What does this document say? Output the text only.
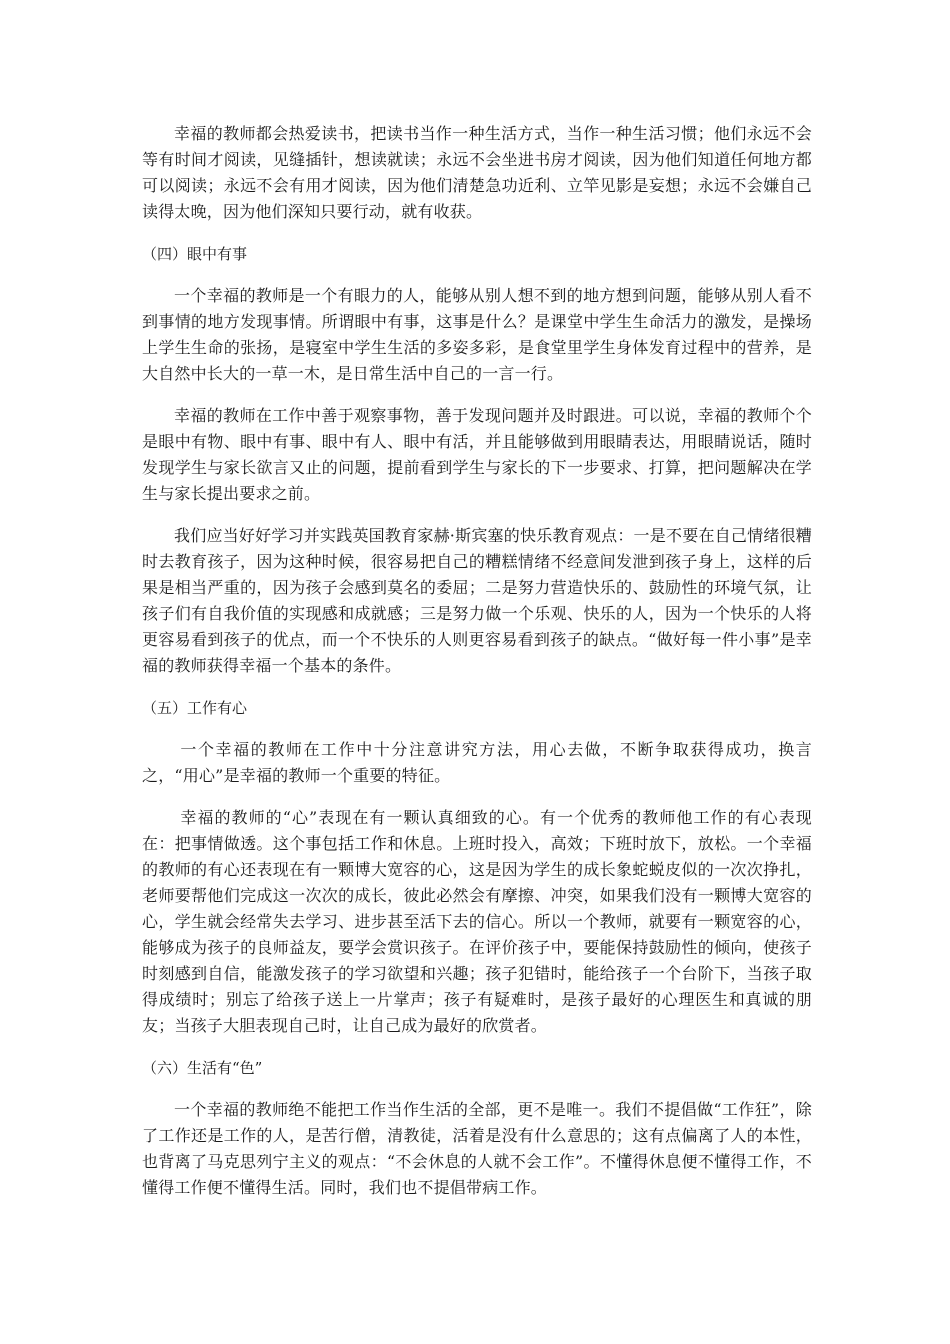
幸福的教师都会热爱读书，把读书当作一种生活方式，当作一种生活习惯；他们永远不会等有时间才阅读，见缝插针，想读就读；永远不会坐进书房才阅读，因为他们知道任何地方都可以阅读；永远不会有用才阅读，因为他们清楚急功近利、立竿见影是妄想；永远不会嫌自己读得太晚，因为他们深知只要行动，就有收获。

（四）眼中有事

一个幸福的教师是一个有眼力的人，能够从别人想不到的地方想到问题，能够从别人看不到事情的地方发现事情。所谓眼中有事，这事是什么？是课堂中学生生命活力的激发，是操场上学生生命的张扬，是寝室中学生生活的多姿多彩，是食堂里学生身体发育过程中的营养，是大自然中长大的一草一木，是日常生活中自己的一言一行。

幸福的教师在工作中善于观察事物，善于发现问题并及时跟进。可以说，幸福的教师个个是眼中有物、眼中有事、眼中有人、眼中有活，并且能够做到用眼睛表达，用眼睛说话，随时发现学生与家长欲言又止的问题，提前看到学生与家长的下一步要求、打算，把问题解决在学生与家长提出要求之前。

我们应当好好学习并实践英国教育家赫·斯宾塞的快乐教育观点：一是不要在自己情绪很糟时去教育孩子，因为这种时候，很容易把自己的糟糕情绪不经意间发泄到孩子身上，这样的后果是相当严重的，因为孩子会感到莫名的委屈；二是努力营造快乐的、鼓励性的环境气氛，让孩子们有自我价值的实现感和成就感；三是努力做一个乐观、快乐的人，因为一个快乐的人将更容易看到孩子的优点，而一个不快乐的人则更容易看到孩子的缺点。“做好每一件小事”是幸福的教师获得幸福一个基本的条件。

（五）工作有心

一个幸福的教师在工作中十分注意讲究方法，用心去做，不断争取获得成功，换言之，“用心”是幸福的教师一个重要的特征。

幸福的教师的“心”表现在有一颗认真细致的心。有一个优秀的教师他工作的有心表现在：把事情做透。这个事包括工作和休息。上班时投入，高效；下班时放下，放松。一个幸福的教师的有心还表现在有一颗博大宽容的心，这是因为学生的成长象蛇蜕皮似的一次次挣扎，老师要帮他们完成这一次次的成长，彼此必然会有摩擦、冲突，如果我们没有一颗博大宽容的心，学生就会经常失去学习、进步甚至活下去的信心。所以一个教师，就要有一颗宽容的心，能够成为孩子的良师益友，要学会赏识孩子。在评价孩子中，要能保持鼓励性的倾向，使孩子时刻感到自信，能激发孩子的学习欲望和兴趣；孩子犯错时，能给孩子一个台阶下，当孩子取得成绩时；别忘了给孩子送上一片掌声；孩子有疑难时，是孩子最好的心理医生和真诚的朋友；当孩子大胆表现自己时，让自己成为最好的欣赏者。

（六）生活有“色”

一个幸福的教师绝不能把工作当作生活的全部，更不是唯一。我们不提倡做“工作狂”，除了工作还是工作的人，是苦行僧，清教徒，活着是没有什么意思的；这有点偏离了人的本性，也背离了马克思列宁主义的观点：“不会休息的人就不会工作”。不懂得休息便不懂得工作，不懂得工作便不懂得生活。同时，我们也不提倡带病工作。
